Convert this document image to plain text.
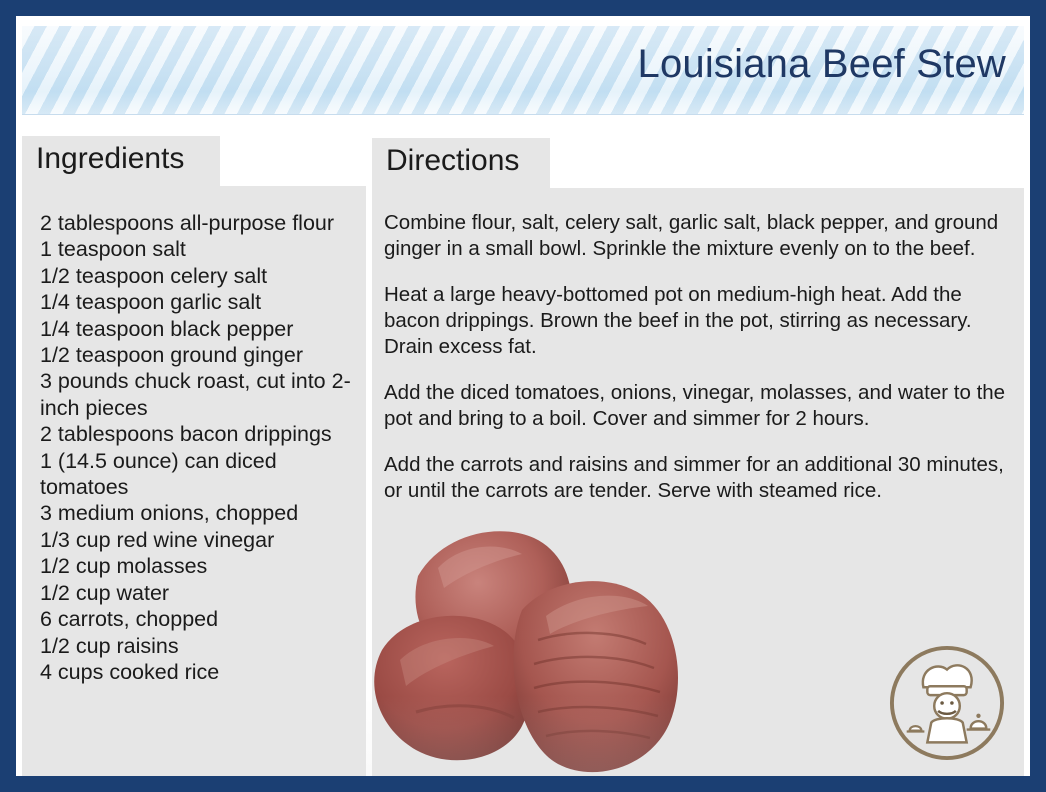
Louisiana Beef Stew
Ingredients
2 tablespoons all-purpose flour
1 teaspoon salt
1/2 teaspoon celery salt
1/4 teaspoon garlic salt
1/4 teaspoon black pepper
1/2 teaspoon ground ginger
3 pounds chuck roast, cut into 2-inch pieces
2 tablespoons bacon drippings
1 (14.5 ounce) can diced tomatoes
3 medium onions, chopped
1/3 cup red wine vinegar
1/2 cup molasses
1/2 cup water
6 carrots, chopped
1/2 cup raisins
4 cups cooked rice
Directions

Combine flour, salt, celery salt, garlic salt, black pepper, and ground ginger in a small bowl. Sprinkle the mixture evenly on to the beef.

Heat a large heavy-bottomed pot on medium-high heat. Add the bacon drippings. Brown the beef in the pot, stirring as necessary. Drain excess fat.

Add the diced tomatoes, onions, vinegar, molasses, and water to the pot and bring to a boil. Cover and simmer for 2 hours.

Add the carrots and raisins and simmer for an additional 30 minutes, or until the carrots are tender. Serve with steamed rice.
